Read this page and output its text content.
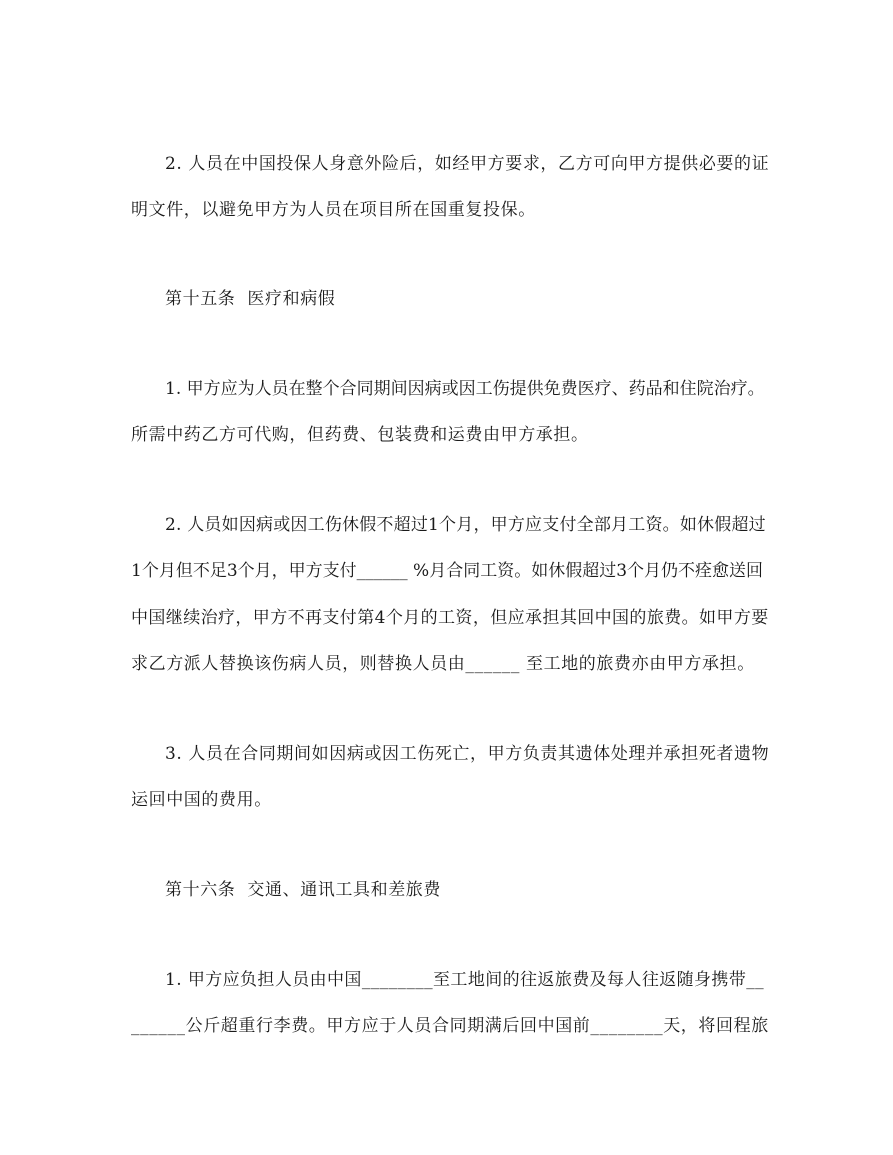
2. 人员在中国投保人身意外险后，如经甲方要求，乙方可向甲方提供必要的证
明文件，以避免甲方为人员在项目所在国重复投保。
第十五条  医疗和病假
1. 甲方应为人员在整个合同期间因病或因工伤提供免费医疗、药品和住院治疗。
所需中药乙方可代购，但药费、包装费和运费由甲方承担。
2. 人员如因病或因工伤休假不超过1个月，甲方应支付全部月工资。如休假超过
1个月但不足3个月，甲方支付______ %月合同工资。如休假超过3个月仍不痊愈送回
中国继续治疗，甲方不再支付第4个月的工资，但应承担其回中国的旅费。如甲方要
求乙方派人替换该伤病人员，则替换人员由______ 至工地的旅费亦由甲方承担。
3. 人员在合同期间如因病或因工伤死亡，甲方负责其遗体处理并承担死者遗物
运回中国的费用。
第十六条  交通、通讯工具和差旅费
1. 甲方应负担人员由中国________至工地间的往返旅费及每人往返随身携带__
______公斤超重行李费。甲方应于人员合同期满后回中国前________天，将回程旅
